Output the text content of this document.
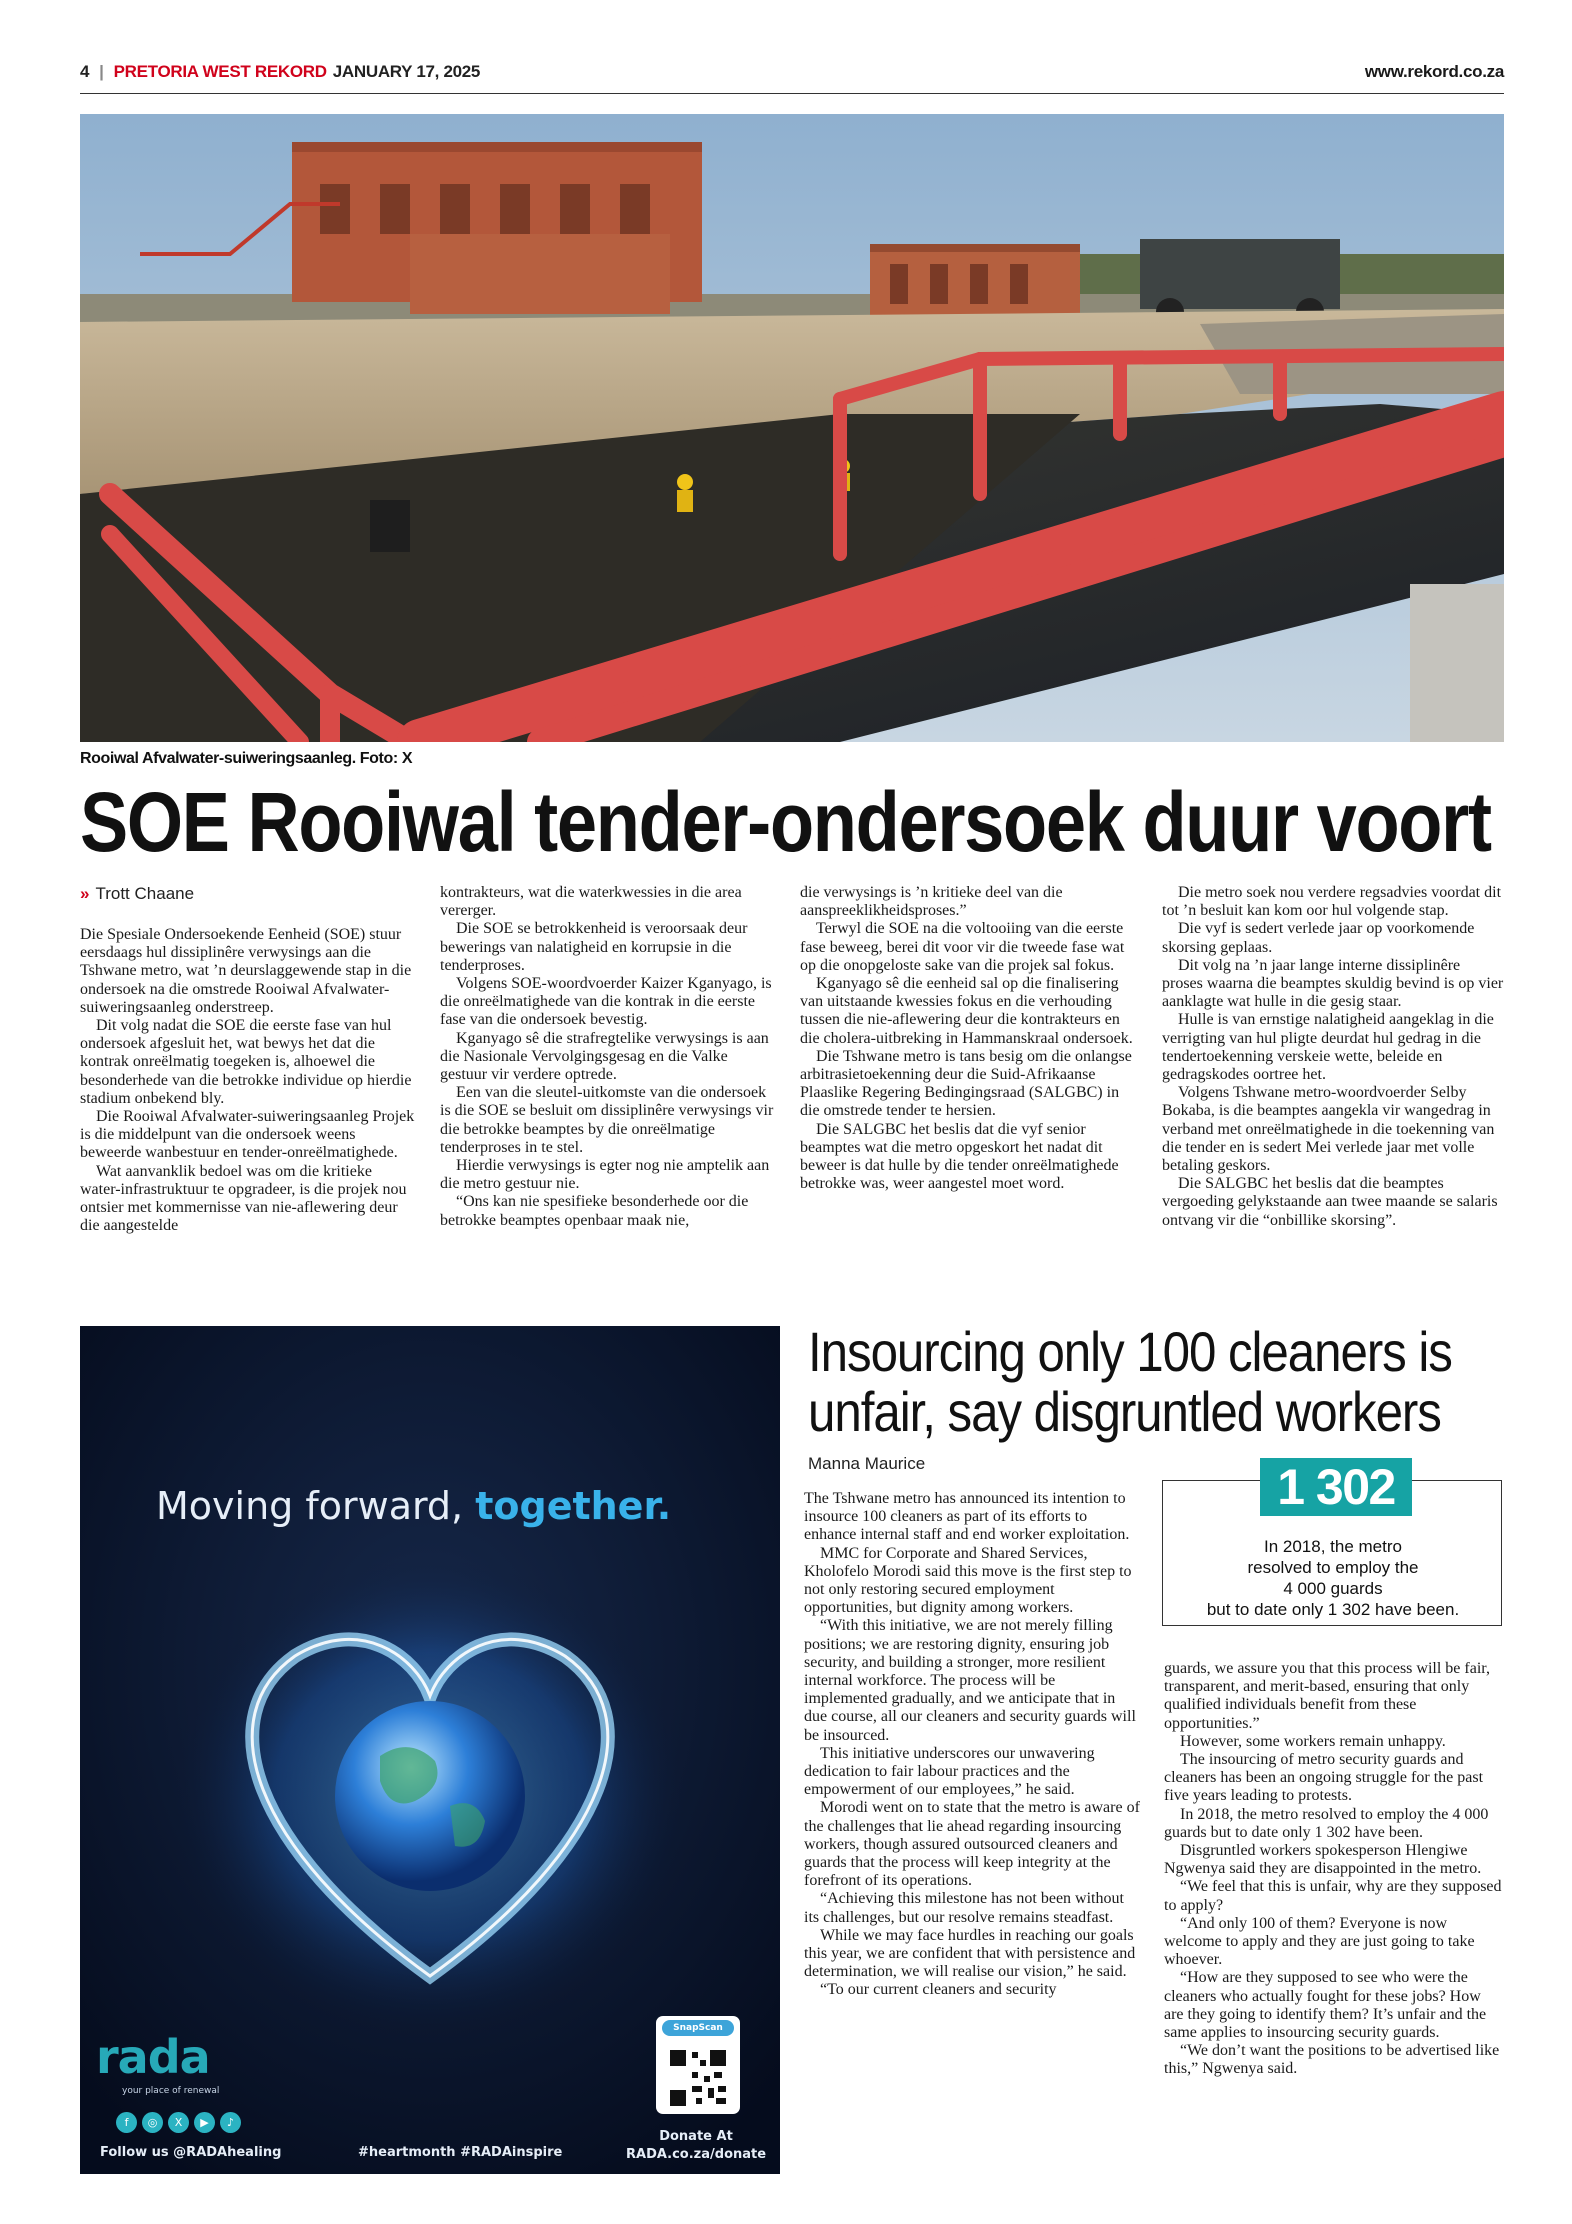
4 | PRETORIA WEST REKORD JANUARY 17, 2025	www.rekord.co.za
Rooiwal Afvalwater-suiweringsaanleg. Foto: X
SOE Rooiwal tender-ondersoek duur voort
» Trott Chaane

Die Spesiale Ondersoekende Eenheid (SOE) stuur eersdaags hul dissiplinêre verwysings aan die Tshwane metro, wat ’n deurslaggewende stap in die ondersoek na die omstrede Rooiwal Afvalwater-suiweringsaanleg onderstreep.

Dit volg nadat die SOE die eerste fase van hul ondersoek afgesluit het, wat bewys het dat die kontrak onreëlmatig toegeken is, alhoewel die besonderhede van die betrokke individue op hierdie stadium onbekend bly.

Die Rooiwal Afvalwater-suiweringsaanleg Projek is die middelpunt van die ondersoek weens beweerde wanbestuur en tender-onreëlmatighede.

Wat aanvanklik bedoel was om die kritieke water-infrastruktuur te opgradeer, is die projek nou ontsier met kommernisse van nie-aflewering deur die aangestelde

kontrakteurs, wat die waterkwessies in die area vererger.

Die SOE se betrokkenheid is veroorsaak deur bewerings van nalatigheid en korrupsie in die tenderproses.

Volgens SOE-woordvoerder Kaizer Kganyago, is die onreëlmatighede van die kontrak in die eerste fase van die ondersoek bevestig.

Kganyago sê die strafregtelike verwysings is aan die Nasionale Vervolgingsgesag en die Valke gestuur vir verdere optrede.

Een van die sleutel-uitkomste van die ondersoek is die SOE se besluit om dissiplinêre verwysings vir die betrokke beamptes by die onreëlmatige tenderproses in te stel.

Hierdie verwysings is egter nog nie amptelik aan die metro gestuur nie.

“Ons kan nie spesifieke besonderhede oor die betrokke beamptes openbaar maak nie,

die verwysings is ’n kritieke deel van die aanspreeklikheidsproses.”

Terwyl die SOE na die voltooiing van die eerste fase beweeg, berei dit voor vir die tweede fase wat op die onopgeloste sake van die projek sal fokus.

Kganyago sê die eenheid sal op die finalisering van uitstaande kwessies fokus en die verhouding tussen die nie-aflewering deur die kontrakteurs en die cholera-uitbreking in Hammanskraal ondersoek.

Die Tshwane metro is tans besig om die onlangse arbitrasietoekenning deur die Suid-Afrikaanse Plaaslike Regering Bedingingsraad (SALGBC) in die omstrede tender te hersien.

Die SALGBC het beslis dat die vyf senior beamptes wat die metro opgeskort het nadat dit beweer is dat hulle by die tender onreëlmatighede betrokke was, weer aangestel moet word.

Die metro soek nou verdere regsadvies voordat dit tot ’n besluit kan kom oor hul volgende stap.

Die vyf is sedert verlede jaar op voorkomende skorsing geplaas.

Dit volg na ’n jaar lange interne dissiplinêre proses waarna die beamptes skuldig bevind is op vier aanklagte wat hulle in die gesig staar.

Hulle is van ernstige nalatigheid aangeklag in die verrigting van hul pligte deurdat hul gedrag in die tendertoekenning verskeie wette, beleide en gedragskodes oortree het.

Volgens Tshwane metro-woordvoerder Selby Bokaba, is die beamptes aangekla vir wangedrag in verband met onreëlmatighede in die toekenning van die tender en is sedert Mei verlede jaar met volle betaling geskors.

Die SALGBC het beslis dat die beamptes vergoeding gelykstaande aan twee maande se salaris ontvang vir die “onbillike skorsing”.

Moving forward, together.
rada
your place of renewal
f	◎	X	▶	♪
Follow us @RADAhealing	#heartmonth #RADAinspire
SnapScan
Donate At
RADA.co.za/donate
Insourcing only 100 cleaners is
unfair, say disgruntled workers
Manna Maurice	1 302
In 2018, the metro
resolved to employ the
4 000 guards
but to date only 1 302 have been.

The Tshwane metro has announced its intention to insource 100 cleaners as part of its efforts to enhance internal staff and end worker exploitation.

MMC for Corporate and Shared Services, Kholofelo Morodi said this move is the first step to not only restoring secured employment opportunities, but dignity among workers.

“With this initiative, we are not merely filling positions; we are restoring dignity, ensuring job security, and building a stronger, more resilient internal workforce. The process will be implemented gradually, and we anticipate that in due course, all our cleaners and security guards will be insourced.

This initiative underscores our unwavering dedication to fair labour practices and the empowerment of our employees,” he said.

Morodi went on to state that the metro is aware of the challenges that lie ahead regarding insourcing workers, though assured outsourced cleaners and guards that the process will keep integrity at the forefront of its operations.

“Achieving this milestone has not been without its challenges, but our resolve remains steadfast.

While we may face hurdles in reaching our goals this year, we are confident that with persistence and determination, we will realise our vision,” he said.

“To our current cleaners and security

guards, we assure you that this process will be fair, transparent, and merit-based, ensuring that only qualified individuals benefit from these opportunities.”

However, some workers remain unhappy.

The insourcing of metro security guards and cleaners has been an ongoing struggle for the past five years leading to protests.

In 2018, the metro resolved to employ the 4 000 guards but to date only 1 302 have been.

Disgruntled workers spokesperson Hlengiwe Ngwenya said they are disappointed in the metro.

“We feel that this is unfair, why are they supposed to apply?

“And only 100 of them? Everyone is now welcome to apply and they are just going to take whoever.

“How are they supposed to see who were the cleaners who actually fought for these jobs? How are they going to identify them? It’s unfair and the same applies to insourcing security guards.

“We don’t want the positions to be advertised like this,” Ngwenya said.
